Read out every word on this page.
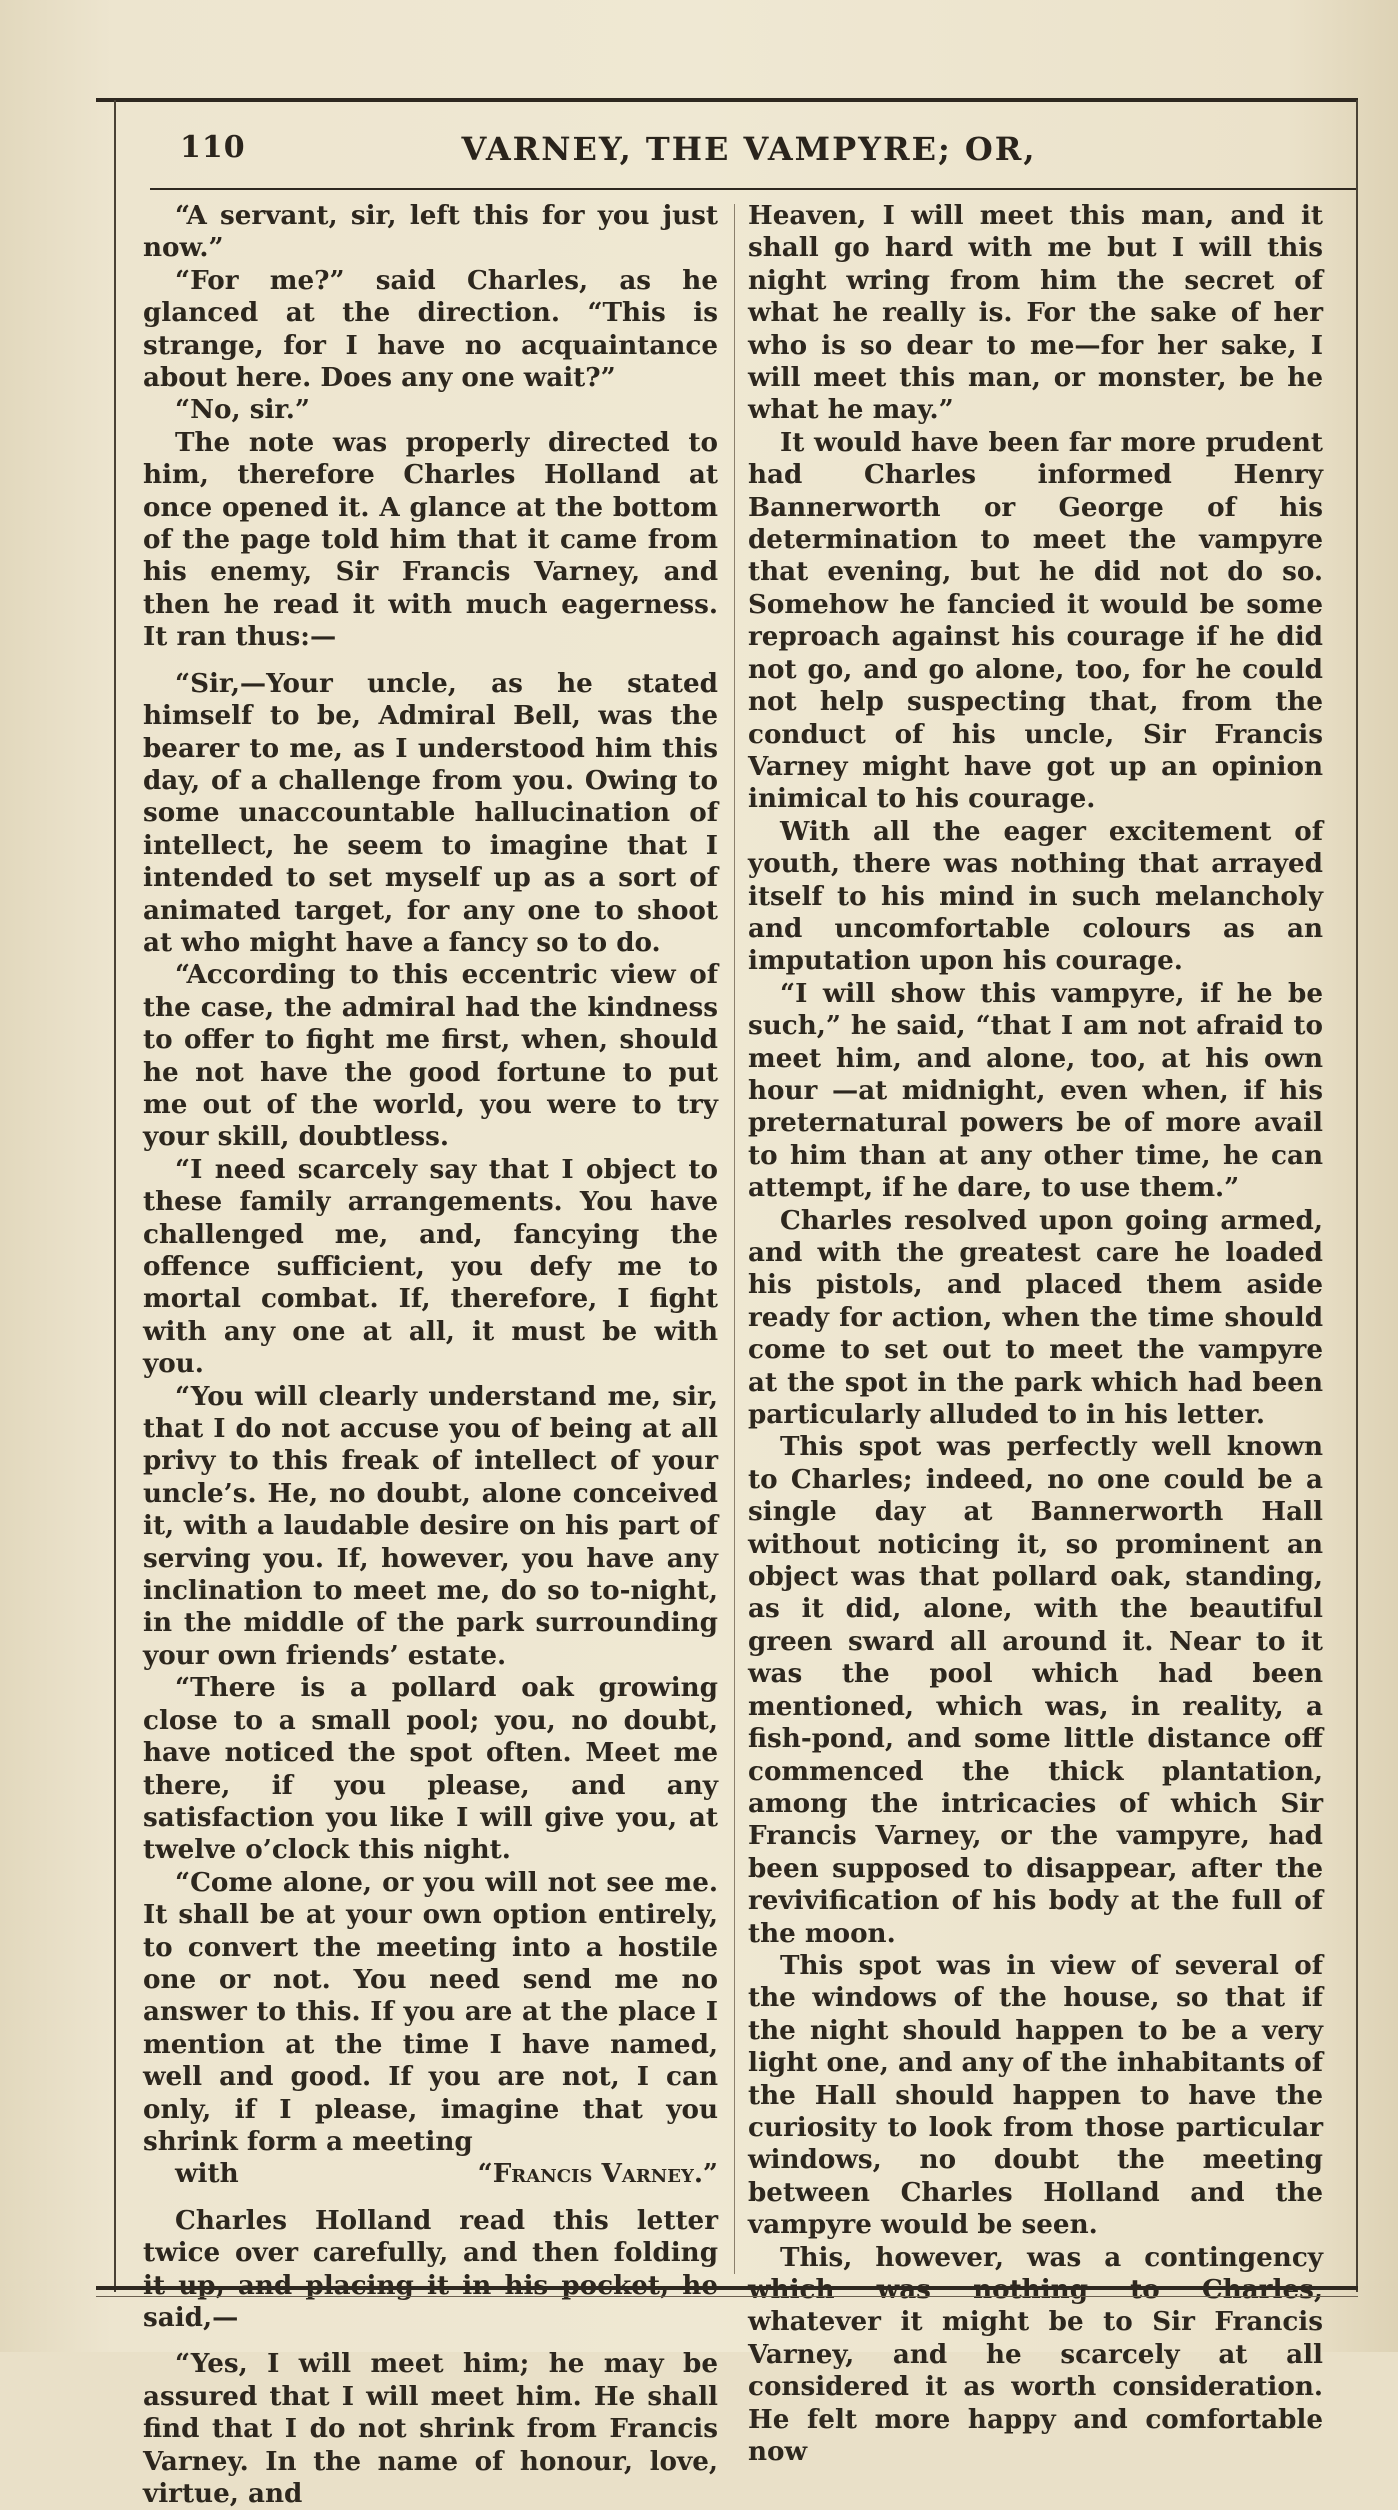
110	VARNEY, THE VAMPYRE; OR,

“A servant, sir, left this for you just now.”

“For me?” said Charles, as he glanced at the direction. “This is strange, for I have no acquaintance about here. Does any one wait?”

“No, sir.”

The note was properly directed to him, therefore Charles Holland at once opened it. A glance at the bottom of the page told him that it came from his enemy, Sir Francis Varney, and then he read it with much eagerness. It ran thus:—

“Sir,—Your uncle, as he stated himself to be, Admiral Bell, was the bearer to me, as I understood him this day, of a challenge from you. Owing to some unaccountable hallucination of intellect, he seem to imagine that I intended to set myself up as a sort of animated target, for any one to shoot at who might have a fancy so to do.

“According to this eccentric view of the case, the admiral had the kindness to offer to fight me first, when, should he not have the good fortune to put me out of the world, you were to try your skill, doubtless.

“I need scarcely say that I object to these family arrangements. You have challenged me, and, fancying the offence sufficient, you defy me to mortal combat. If, therefore, I fight with any one at all, it must be with you.

“You will clearly understand me, sir, that I do not accuse you of being at all privy to this freak of intellect of your uncle’s. He, no doubt, alone conceived it, with a laudable desire on his part of serving you. If, however, you have any inclination to meet me, do so to-night, in the middle of the park surrounding your own friends’ estate.

“There is a pollard oak growing close to a small pool; you, no doubt, have noticed the spot often. Meet me there, if you please, and any satisfaction you like I will give you, at twelve o’clock this night.

“Come alone, or you will not see me. It shall be at your own option entirely, to convert the meeting into a hostile one or not. You need send me no answer to this. If you are at the place I mention at the time I have named, well and good. If you are not, I can only, if I please, imagine that you shrink form a meeting

with	“Francis Varney.”

Charles Holland read this letter twice over carefully, and then folding said,—

“Yes, I will meet him; he may be assured that I will meet him. He shall find that I do not shrink from Francis Varney. In the name of honour, love, virtue, and

Heaven, I will meet this man, and it shall go hard with me but I will this night wring from him the secret of what he really is. For the sake of her who is so dear to me—for her sake, I will meet this man, or monster, be he what he may.”

It would have been far more prudent had Charles informed Henry Bannerworth or George of his determination to meet the vampyre that evening, but he did not do so. Somehow he fancied it would be some reproach against his courage if he did not go, and go alone, too, for he could not help suspecting that, from the conduct of his uncle, Sir Francis Varney might have got up an opinion inimical to his courage.

With all the eager excitement of youth, there was nothing that arrayed itself to his mind in such melancholy and uncomfortable colours as an imputation upon his courage.

“I will show this vampyre, if he be such,” he said, “that I am not afraid to meet him, and alone, too, at his own hour —at midnight, even when, if his preternatural powers be of more avail to him than at any other time, he can attempt, if he dare, to use them.”

Charles resolved upon going armed, and with the greatest care he loaded his pistols, and placed them aside ready for action, when the time should come to set out to meet the vampyre at the spot in the park which had been particularly alluded to in his letter.

This spot was perfectly well known to Charles; indeed, no one could be a single day at Bannerworth Hall without noticing it, so prominent an object was that pollard oak, standing, as it did, alone, with the beautiful green sward all around it. Near to it was the pool which had been mentioned, which was, in reality, a fish-pond, and some little distance off commenced the thick plantation, among the intricacies of which Sir Francis Varney, or the vampyre, had been supposed to disappear, after the revivification of his body at the full of the moon.

This spot was in view of several of the windows of the house, so that if the night should happen to be a very light one, and any of the inhabitants of the Hall should happen to have the curiosity to look from those particular windows, no doubt the meeting between Charles Holland and the vampyre would be seen.

This, however, was a contingency whatever it might be to Sir Francis Varney, and he scarcely at all considered it as worth consideration. He felt more happy and comfortable now
